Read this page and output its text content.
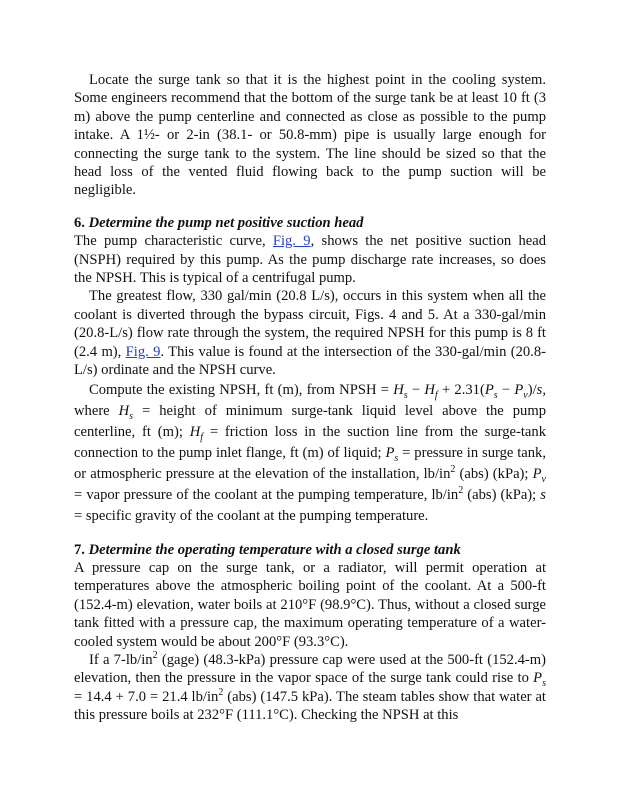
Locate the surge tank so that it is the highest point in the cooling system. Some engineers recommend that the bottom of the surge tank be at least 10 ft (3 m) above the pump centerline and connected as close as possible to the pump intake. A 1½- or 2-in (38.1- or 50.8-mm) pipe is usually large enough for connecting the surge tank to the system. The line should be sized so that the head loss of the vented fluid flowing back to the pump suction will be negligible.

6. Determine the pump net positive suction head

The pump characteristic curve, Fig. 9, shows the net positive suction head (NSPH) required by this pump. As the pump discharge rate increases, so does the NPSH. This is typical of a centrifugal pump.

The greatest flow, 330 gal/min (20.8 L/s), occurs in this system when all the coolant is diverted through the bypass circuit, Figs. 4 and 5. At a 330-gal/min (20.8-L/s) flow rate through the system, the required NPSH for this pump is 8 ft (2.4 m), Fig. 9. This value is found at the intersection of the 330-gal/min (20.8-L/s) ordinate and the NPSH curve.

Compute the existing NPSH, ft (m), from NPSH = $H_s - H_f + 2.31(P_s - P_v)/s$, where $H_s$ = height of minimum surge-tank liquid level above the pump centerline, ft (m); $H_f$ = friction loss in the suction line from the surge-tank connection to the pump inlet flange, ft (m) of liquid; $P_s$ = pressure in surge tank, or atmospheric pressure at the elevation of the installation, $lb/in^2$ (abs) (kPa); $P_v$ = vapor pressure of the coolant at the pumping temperature, $lb/in^2$ (abs) (kPa); s = specific gravity of the coolant at the pumping temperature.

7. Determine the operating temperature with a closed surge tank

A pressure cap on the surge tank, or a radiator, will permit operation at temperatures above the atmospheric boiling point of the coolant. At a 500-ft (152.4-m) elevation, water boils at 210°F (98.9°C). Thus, without a closed surge tank fitted with a pressure cap, the maximum operating temperature of a water-cooled system would be about 200°F (93.3°C).

If a $7-lb/in^2$ (gage) (48.3-kPa) pressure cap were used at the 500-ft (152.4-m) elevation, then the pressure in the vapor space of the surge tank could rise to $P_s = 14.4 + 7.0 = 21.4$ $lb/in^2$ (abs) (147.5 kPa). The steam tables show that water at this pressure boils at 232°F (111.1°C). Checking the NPSH at this
